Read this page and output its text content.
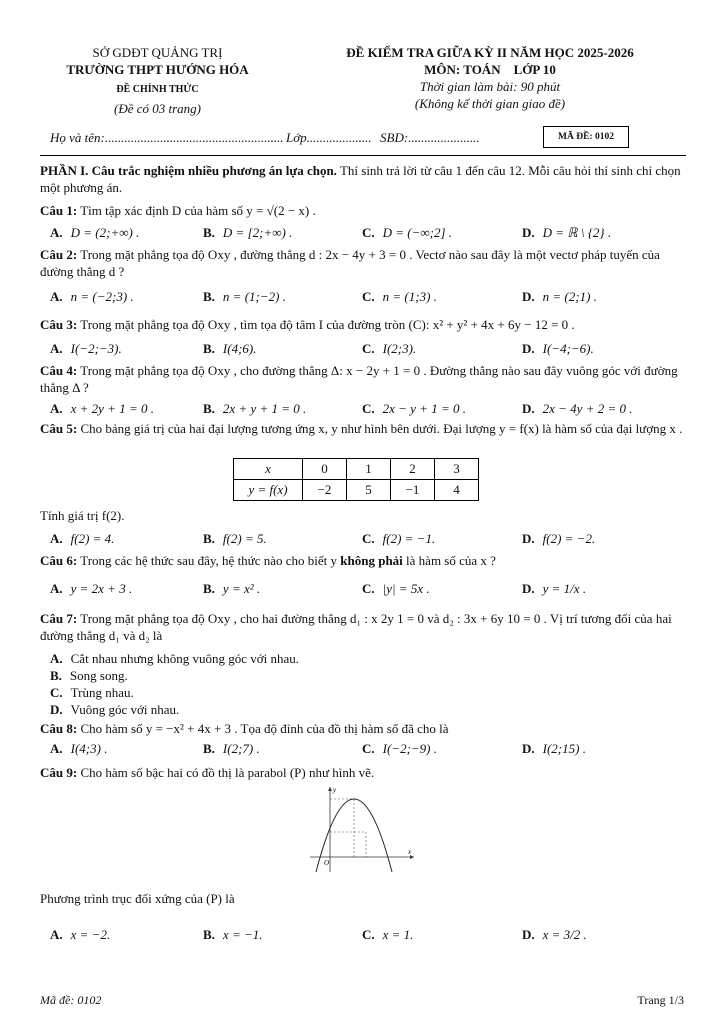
SỞ GDĐT QUẢNG TRỊ
TRƯỜNG THPT HƯỚNG HÓA
ĐỀ CHÍNH THỨC
(Đề có 03 trang)
ĐỀ KIỂM TRA GIỮA KỲ II NĂM HỌC 2025-2026
MÔN: TOÁN    LỚP 10
Thời gian làm bài: 90 phút
(Không kể thời gian giao đề)
Họ và tên:....................................................... Lớp.................... SBD:......................	MÃ ĐỀ: 0102
PHẦN I. Câu trắc nghiệm nhiều phương án lựa chọn. Thí sinh trả lời từ câu 1 đến câu 12. Mỗi câu hỏi thí sinh chỉ chọn một phương án.
Câu 1: Tìm tập xác định D của hàm số y = √(2 − x) .
A. D = (2;+∞) .	B. D = [2;+∞) .	C. D = (−∞;2] .	D. D = ℝ \ {2} .
Câu 2: Trong mặt phẳng tọa độ Oxy , đường thẳng d : 2x − 4y + 3 = 0 . Vectơ nào sau đây là một vectơ pháp tuyến của đường thẳng d ?
A. n = (−2;3) .	B. n = (1;−2) .	C. n = (1;3) .	D. n = (2;1) .
Câu 3: Trong mặt phẳng tọa độ Oxy , tìm tọa độ tâm I của đường tròn (C): x² + y² + 4x + 6y − 12 = 0 .
A. I(−2;−3).	B. I(4;6).	C. I(2;3).	D. I(−4;−6).
Câu 4: Trong mặt phẳng tọa độ Oxy , cho đường thẳng Δ: x − 2y + 1 = 0 . Đường thẳng nào sau đây vuông góc với đường thẳng Δ ?
A. x + 2y + 1 = 0 .	B. 2x + y + 1 = 0 .	C. 2x − y + 1 = 0 .	D. 2x − 4y + 2 = 0 .
Câu 5: Cho bảng giá trị của hai đại lượng tương ứng x, y như hình bên dưới. Đại lượng y = f(x) là hàm số của đại lượng x .
x	0	1	2	3
y = f(x)	−2	5	−1	4
Tính giá trị f(2).
A. f(2) = 4.	B. f(2) = 5.	C. f(2) = −1.	D. f(2) = −2.
Câu 6: Trong các hệ thức sau đây, hệ thức nào cho biết y không phải là hàm số của x ?
A. y = 2x + 3 .	B. y = x² .	C. |y| = 5x .	D. y = 1/x .
Câu 7: Trong mặt phẳng tọa độ Oxy , cho hai đường thẳng d₁ : x 2y 1 = 0 và d₂ : 3x + 6y 10 = 0 . Vị trí tương đối của hai đường thẳng d₁ và d₂ là
A. Cắt nhau nhưng không vuông góc với nhau.
B. Song song.
C. Trùng nhau.
D. Vuông góc với nhau.
Câu 8: Cho hàm số y = −x² + 4x + 3 . Tọa độ đỉnh của đồ thị hàm số đã cho là
A. I(4;3) .	B. I(2;7) .	C. I(−2;−9) .	D. I(2;15) .
Câu 9: Cho hàm số bậc hai có đồ thị là parabol (P) như hình vẽ.
x
y
O
Phương trình trục đối xứng của (P) là
A. x = −2.	B. x = −1.	C. x = 1.	D. x = 3/2 .
Mã đề: 0102	Trang 1/3
